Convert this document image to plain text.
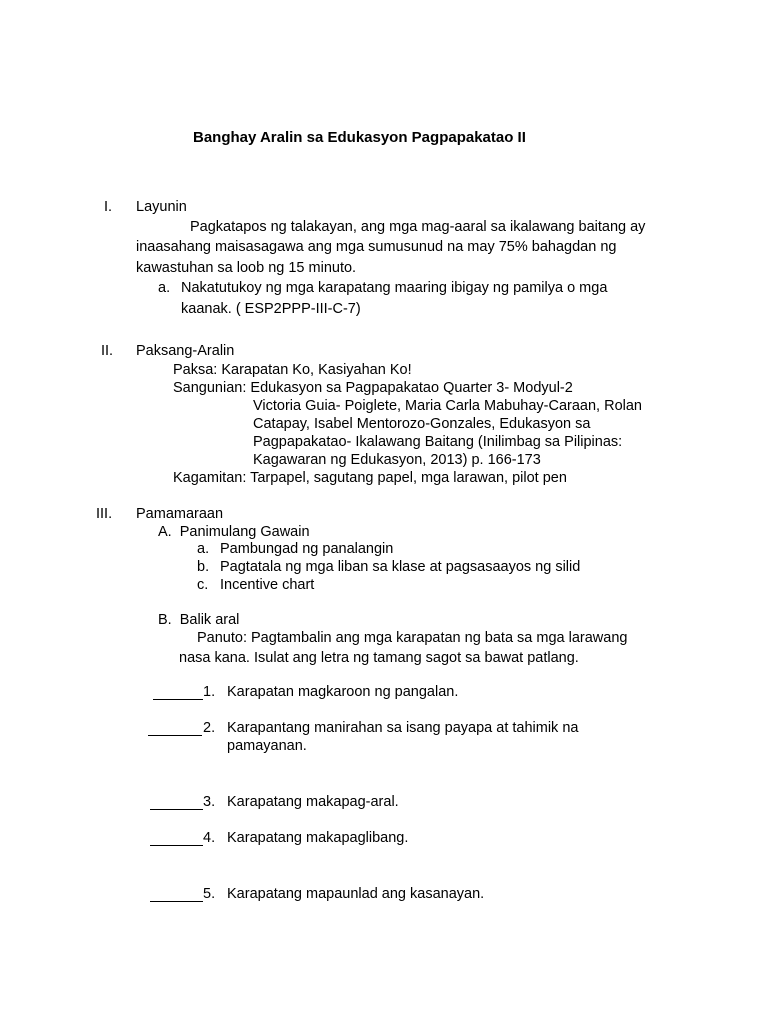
Banghay Aralin sa Edukasyon Pagpapakatao II
I. Layunin
Pagkatapos ng talakayan, ang mga mag-aaral sa ikalawang baitang ay
inaasahang maisasagawa ang mga sumusunud na may 75% bahagdan ng
kawastuhan sa loob ng 15 minuto.
a. Nakatutukoy ng mga karapatang maaring ibigay ng pamilya o mga
kaanak. ( ESP2PPP-III-C-7)
II. Paksang-Aralin
Paksa: Karapatan Ko, Kasiyahan Ko!
Sangunian: Edukasyon sa Pagpapakatao Quarter 3- Modyul-2
Victoria Guia- Poiglete, Maria Carla Mabuhay-Caraan, Rolan
Catapay, Isabel Mentorozo-Gonzales, Edukasyon sa
Pagpapakatao- Ikalawang Baitang (Inilimbag sa Pilipinas:
Kagawaran ng Edukasyon, 2013) p. 166-173
Kagamitan: Tarpapel, sagutang papel, mga larawan, pilot pen
III. Pamamaraan
A.  Panimulang Gawain
a. Pambungad ng panalangin
b. Pagtatala ng mga liban sa klase at pagsasaayos ng silid
c. Incentive chart
B.  Balik aral
Panuto: Pagtambalin ang mga karapatan ng bata sa mga larawang
nasa kana. Isulat ang letra ng tamang sagot sa bawat patlang.
1. Karapatan magkaroon ng pangalan.
2. Karapantang manirahan sa isang payapa at tahimik na
pamayanan.
3. Karapatang makapag-aral.
4. Karapatang makapaglibang.
5. Karapatang mapaunlad ang kasanayan.
